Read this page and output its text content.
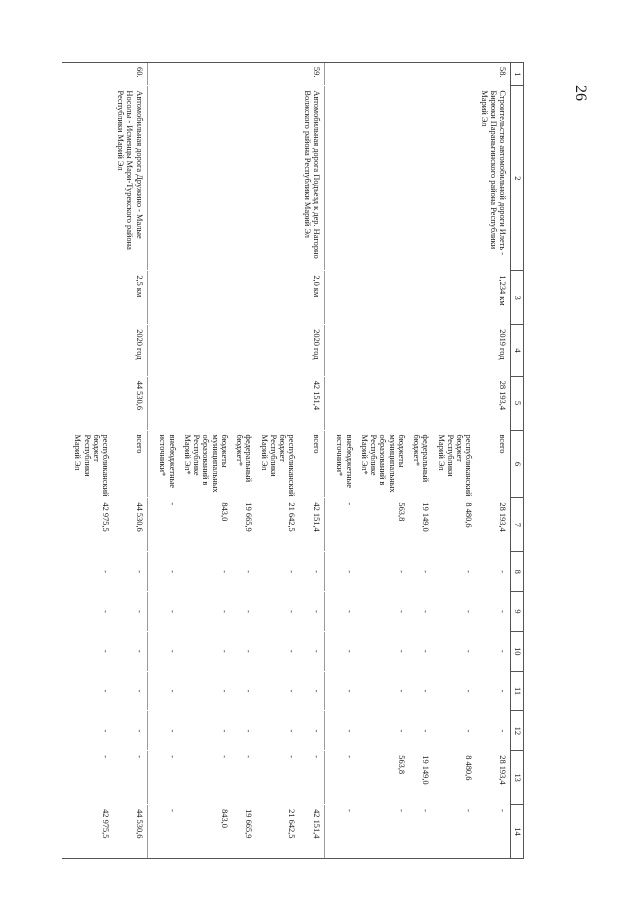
26
1	2	3	4	5	6	7	8	9	10	11	12	13	14
58.	Строительство автомобильной дороги Илеть - Бирюки Параньгинского района Республики Марий Эл	1,234 км	2019 год	28 193,4	всего	28 193,4	-	-	-	-	-	28 193,4	-
					республиканский бюджет Республики Марий Эл	8 480,6	-	-	-	-	-	8 480,6	-
					федеральный бюджет*	19 149,0	-	-	-	-	-	19 149,0	-
					бюджеты муниципальных образований в Республике Марий Эл*	563,8	-	-	-	-	-	563,8	-
					внебюджетные источники*	-	-	-	-	-	-	-	-

59.	Автомобильная дорога Подъезд к дер. Нагорно Волжского района Республики Марий Эл	2,0 км	2020 год	42 151,4	всего	42 151,4	-	-	-	-	-	-	42 151,4
					республиканский бюджет Республики Марий Эл	21 642,5	-	-	-	-	-	-	21 642,5
					федеральный бюджет*	19 665,9	-	-	-	-	-	-	19 665,9
					бюджеты муниципальных образований в Республике Марий Эл*	843,0	-	-	-	-	-	-	843,0
					внебюджетные источники*	-	-	-	-	-	-	-	-

60.	Автомобильная дорога Дружино - Малые Ноcолы - Исменцы Мари-Турекского района Республики Марий Эл	2,5 км	2020 год	44 530,6	всего	44 530,6	-	-	-	-	-	-	44 530,6
					республиканский бюджет Республики Марий Эл	42 975,5	-	-	-	-	-	-	42 975,5
